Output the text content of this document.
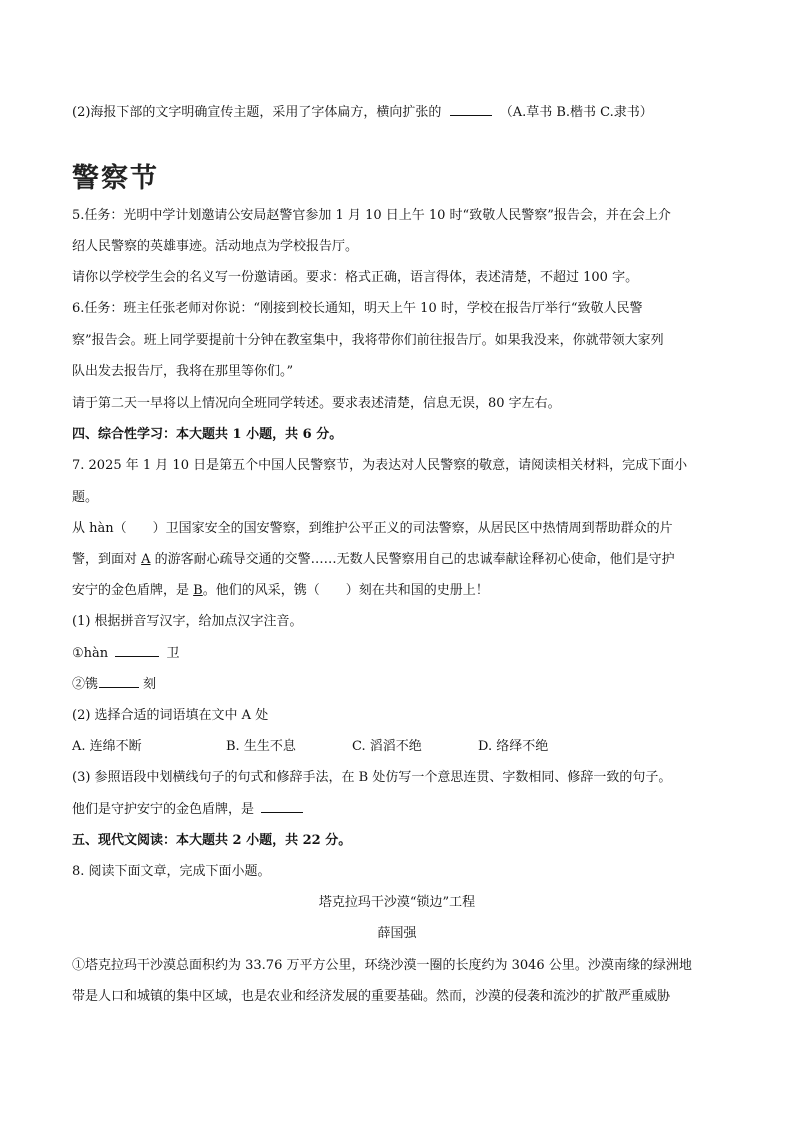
(2)海报下部的文字明确宣传主题，采用了字体扁方，横向扩张的	（A.草书 B.楷书 C.隶书）
警察节
5.任务：光明中学计划邀请公安局赵警官参加 1 月 10 日上午 10 时“致敬人民警察”报告会，并在会上介
绍人民警察的英雄事迹。活动地点为学校报告厅。
请你以学校学生会的名义写一份邀请函。要求：格式正确，语言得体，表述清楚，不超过 100 字。
6.任务：班主任张老师对你说：“刚接到校长通知，明天上午 10 时，学校在报告厅举行“致敬人民警
察”报告会。班上同学要提前十分钟在教室集中，我将带你们前往报告厅。如果我没来，你就带领大家列
队出发去报告厅，我将在那里等你们。”
请于第二天一早将以上情况向全班同学转述。要求表述清楚，信息无误，80 字左右。
四、综合性学习：本大题共 1 小题，共 6 分。
7. 2025 年 1 月 10 日是第五个中国人民警察节，为表达对人民警察的敬意，请阅读相关材料，完成下面小
题。
从 hàn（　　）卫国家安全的国安警察，到维护公平正义的司法警察，从居民区中热情周到帮助群众的片
警，到面对 A 的游客耐心疏导交通的交警……无数人民警察用自己的忠诚奉献诠释初心使命，他们是守护
安宁的金色盾牌，是 B。他们的风采，镌（　　）刻在共和国的史册上！
(1) 根据拼音写汉字，给加点汉字注音。
①hàn	卫
②镌	刻
(2) 选择合适的词语填在文中 A 处
A. 连绵不断	B. 生生不息	C. 滔滔不绝	D. 络绎不绝
(3) 参照语段中划横线句子的句式和修辞手法，在 B 处仿写一个意思连贯、字数相同、修辞一致的句子。
他们是守护安宁的金色盾牌，是
五、现代文阅读：本大题共 2 小题，共 22 分。
8. 阅读下面文章，完成下面小题。
塔克拉玛干沙漠“锁边”工程
薛国强
①塔克拉玛干沙漠总面积约为 33.76 万平方公里，环绕沙漠一圈的长度约为 3046 公里。沙漠南缘的绿洲地
带是人口和城镇的集中区域，也是农业和经济发展的重要基础。然而，沙漠的侵袭和流沙的扩散严重威胁
